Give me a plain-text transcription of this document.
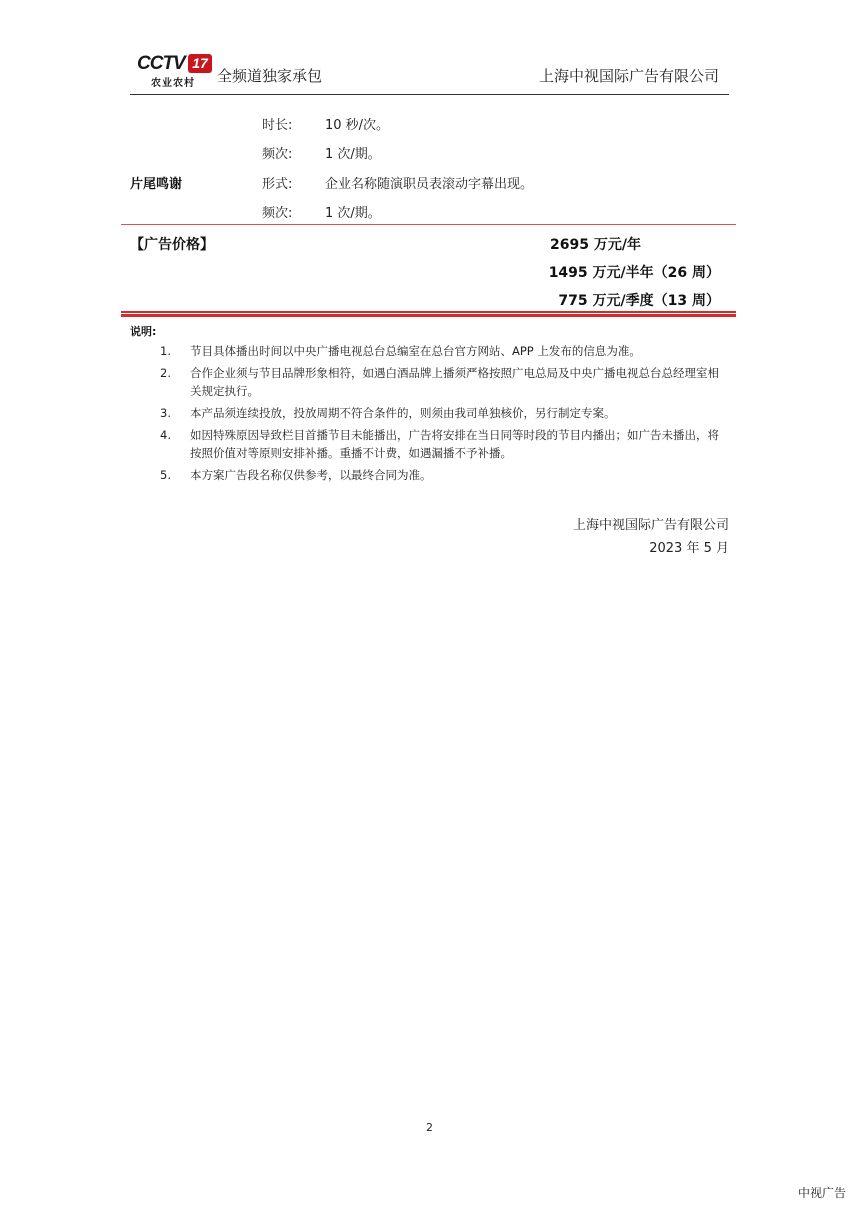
CCTV 17
农业农村 全频道独家承包	上海中视国际广告有限公司
时长:	10 秒/次。
频次:	1 次/期。
片尾鸣谢	形式:	企业名称随演职员表滚动字幕出现。
频次:	1 次/期。
【广告价格】	2695 万元/年
1495 万元/半年（26 周）
775 万元/季度（13 周）
说明:
1. 节目具体播出时间以中央广播电视总台总编室在总台官方网站、APP 上发布的信息为准。
2. 合作企业须与节目品牌形象相符，如遇白酒品牌上播须严格按照广电总局及中央广播电视总台总经理室相关规定执行。
3. 本产品须连续投放，投放周期不符合条件的，则须由我司单独核价，另行制定专案。
4. 如因特殊原因导致栏目首播节目未能播出，广告将安排在当日同等时段的节目内播出；如广告未播出，将按照价值对等原则安排补播。重播不计费，如遇漏播不予补播。
5. 本方案广告段名称仅供参考，以最终合同为准。
上海中视国际广告有限公司
2023 年 5 月
2
中视广告
